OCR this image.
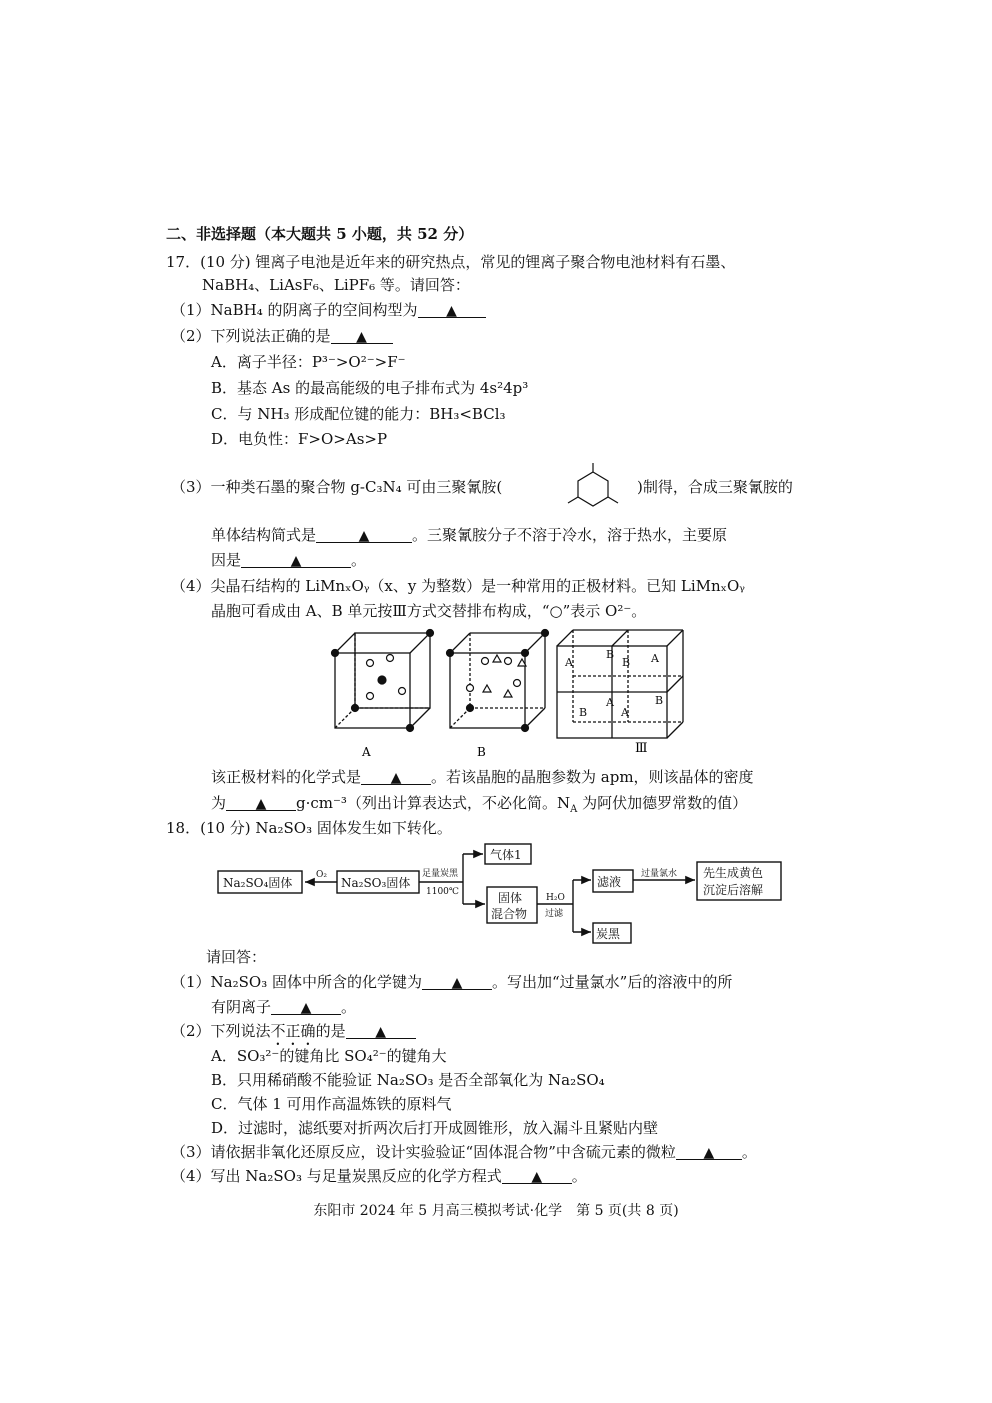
二、非选择题（本大题共 5 小题，共 52 分）
17．(10 分) 锂离子电池是近年来的研究热点，常见的锂离子聚合物电池材料有石墨、
NaBH₄、LiAsF₆、LiPF₆ 等。请回答：
（1）NaBH₄ 的阴离子的空间构型为 ▲
（2）下列说法正确的是 ▲
A．离子半径：P³⁻>O²⁻>F⁻
B．基态 As 的最高能级的电子排布式为 4s²4p³
C．与 NH₃ 形成配位键的能力：BH₃<BCl₃
D．电负性：F>O>As>P
（3）一种类石墨的聚合物 g-C₃N₄ 可由三聚氰胺(	)制得，合成三聚氰胺的
单体结构简式是	▲	。三聚氰胺分子不溶于冷水，溶于热水，主要原
因是	▲	。
（4）尖晶石结构的 LiMnₓOᵧ（x、y 为整数）是一种常用的正极材料。已知 LiMnₓOᵧ
晶胞可看成由 A、B 单元按Ⅲ方式交替排布构成，“○”表示 O²⁻。
A
B
B A
B
A
A
B
A	B	Ⅲ
该正极材料的化学式是 ▲ 。若该晶胞的晶胞参数为 apm，则该晶体的密度
为 ▲ g·cm⁻³（列出计算表达式，不必化简。$N_A$ 为阿伏加德罗常数的值）
18．(10 分) Na₂SO₃ 固体发生如下转化。
Na₂SO₄固体
O₂
Na₂SO₃固体
足量炭黑
1100℃
气体1
固体
混合物
H₂O
过滤
滤液
过量氯水 先生成黄色
沉淀后溶解
炭黑
请回答：
（1）Na₂SO₃ 固体中所含的化学键为 ▲ 。写出加“过量氯水”后的溶液中的所
有阴离子 ▲ 。
（2）下列说法不正确的是 ▲
A．SO₃²⁻的键角比 SO₄²⁻的键角大
B．只用稀硝酸不能验证 Na₂SO₃ 是否全部氧化为 Na₂SO₄
C．气体 1 可用作高温炼铁的原料气
D．过滤时，滤纸要对折两次后打开成圆锥形，放入漏斗且紧贴内壁
（3）请依据非氧化还原反应，设计实验验证“固体混合物”中含硫元素的微粒 ▲ 。
（4）写出 Na₂SO₃ 与足量炭黑反应的化学方程式 ▲ 。
东阳市 2024 年 5 月高三模拟考试·化学　第 5 页(共 8 页)
